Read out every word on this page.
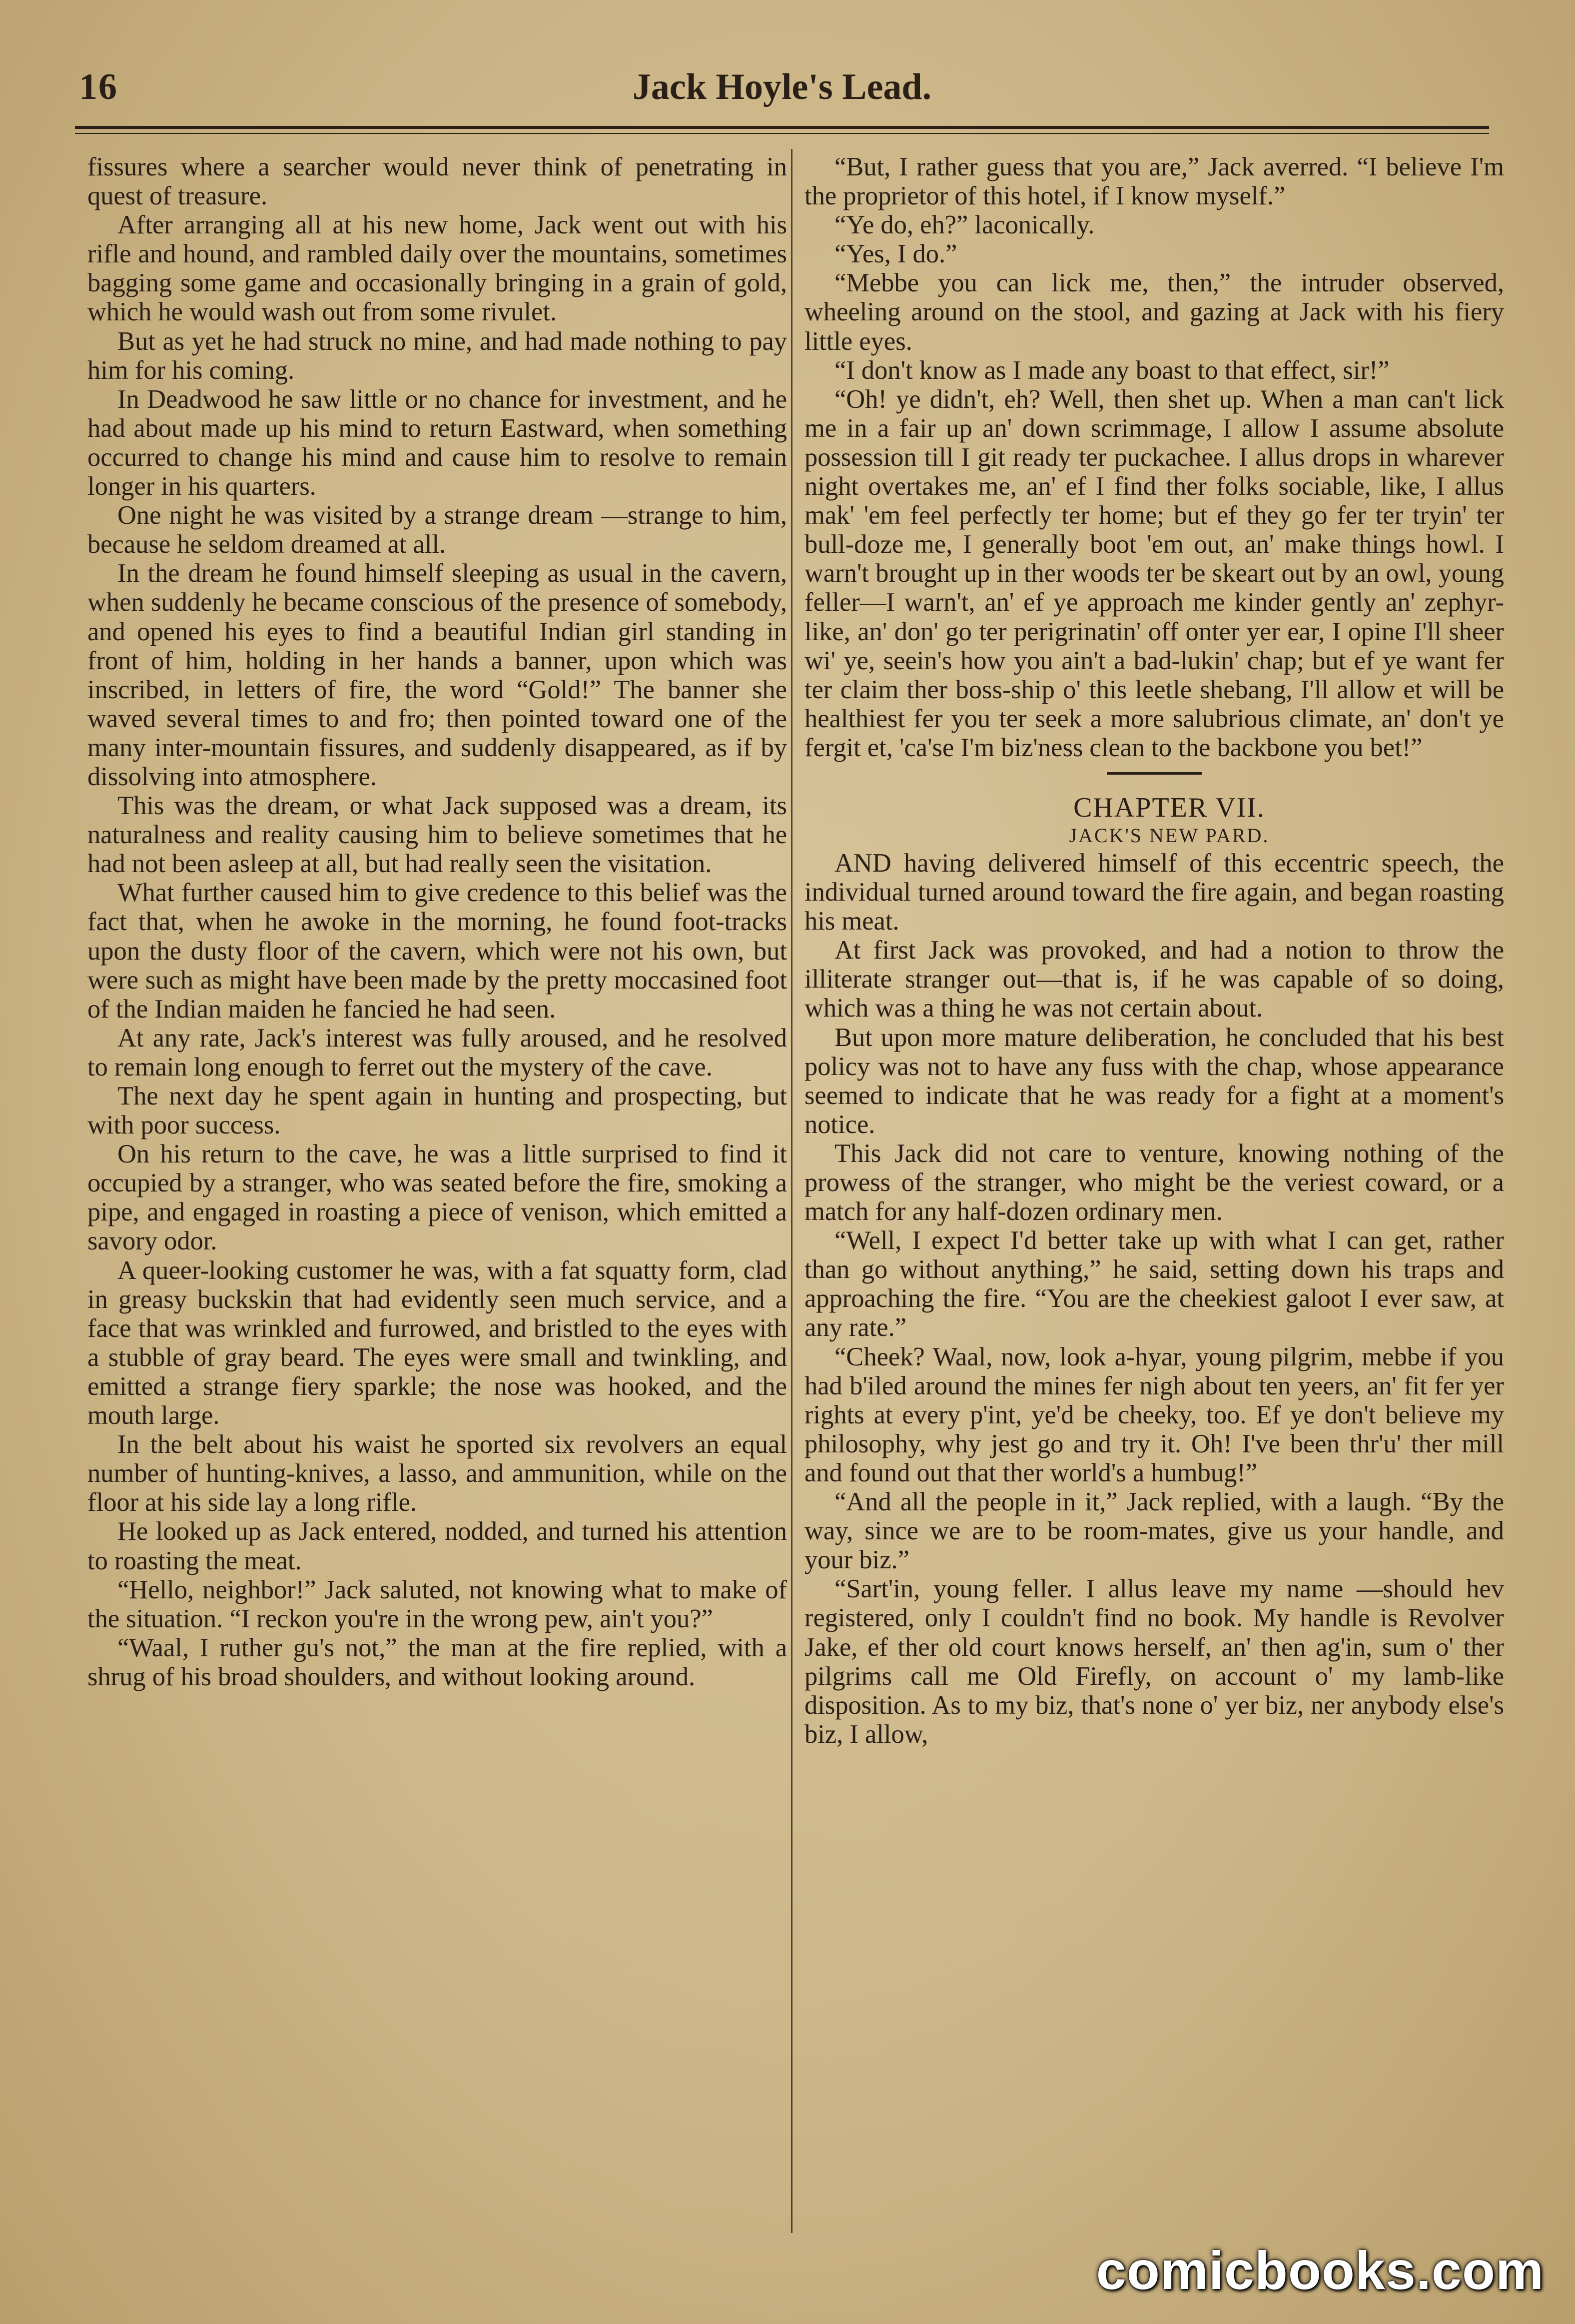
16	Jack Hoyle's Lead.

fissures where a searcher would never think of penetrating in quest of treasure.

After arranging all at his new home, Jack went out with his rifle and hound, and rambled daily over the mountains, sometimes bagging some game and occasionally bringing in a grain of gold, which he would wash out from some rivulet.

But as yet he had struck no mine, and had made nothing to pay him for his coming.

In Deadwood he saw little or no chance for investment, and he had about made up his mind to return Eastward, when something occurred to change his mind and cause him to resolve to remain longer in his quarters.

One night he was visited by a strange dream —strange to him, because he seldom dreamed at all.

In the dream he found himself sleeping as usual in the cavern, when suddenly he became conscious of the presence of somebody, and opened his eyes to find a beautiful Indian girl standing in front of him, holding in her hands a banner, upon which was inscribed, in letters of fire, the word “Gold!” The banner she waved several times to and fro; then pointed toward one of the many inter-mountain fissures, and suddenly disappeared, as if by dissolving into atmosphere.

This was the dream, or what Jack supposed was a dream, its naturalness and reality causing him to believe sometimes that he had not been asleep at all, but had really seen the visitation.

What further caused him to give credence to this belief was the fact that, when he awoke in the morning, he found foot-tracks upon the dusty floor of the cavern, which were not his own, but were such as might have been made by the pretty moccasined foot of the Indian maiden he fancied he had seen.

At any rate, Jack's interest was fully aroused, and he resolved to remain long enough to ferret out the mystery of the cave.

The next day he spent again in hunting and prospecting, but with poor success.

On his return to the cave, he was a little surprised to find it occupied by a stranger, who was seated before the fire, smoking a pipe, and engaged in roasting a piece of venison, which emitted a savory odor.

A queer-looking customer he was, with a fat squatty form, clad in greasy buckskin that had evidently seen much service, and a face that was wrinkled and furrowed, and bristled to the eyes with a stubble of gray beard. The eyes were small and twinkling, and emitted a strange fiery sparkle; the nose was hooked, and the mouth large.

In the belt about his waist he sported six revolvers an equal number of hunting-knives, a lasso, and ammunition, while on the floor at his side lay a long rifle.

He looked up as Jack entered, nodded, and turned his attention to roasting the meat.

“Hello, neighbor!” Jack saluted, not knowing what to make of the situation. “I reckon you're in the wrong pew, ain't you?”

“Waal, I ruther gu's not,” the man at the fire replied, with a shrug of his broad shoulders, and without looking around.

“But, I rather guess that you are,” Jack averred. “I believe I'm the proprietor of this hotel, if I know myself.”

“Ye do, eh?” laconically.

“Yes, I do.”

“Mebbe you can lick me, then,” the intruder observed, wheeling around on the stool, and gazing at Jack with his fiery little eyes.

“I don't know as I made any boast to that effect, sir!”

“Oh! ye didn't, eh? Well, then shet up. When a man can't lick me in a fair up an' down scrimmage, I allow I assume absolute possession till I git ready ter puckachee. I allus drops in wharever night overtakes me, an' ef I find ther folks sociable, like, I allus mak' 'em feel perfectly ter home; but ef they go fer ter tryin' ter bull-doze me, I generally boot 'em out, an' make things howl. I warn't brought up in ther woods ter be skeart out by an owl, young feller—I warn't, an' ef ye approach me kinder gently an' zephyr-like, an' don' go ter perigrinatin' off onter yer ear, I opine I'll sheer wi' ye, seein's how you ain't a bad-lukin' chap; but ef ye want fer ter claim ther boss-ship o' this leetle shebang, I'll allow et will be healthiest fer you ter seek a more salubrious climate, an' don't ye fergit et, 'ca'se I'm biz'ness clean to the backbone you bet!”

CHAPTER VII.

JACK'S NEW PARD.

AND having delivered himself of this eccentric speech, the individual turned around toward the fire again, and began roasting his meat.

At first Jack was provoked, and had a notion to throw the illiterate stranger out—that is, if he was capable of so doing, which was a thing he was not certain about.

But upon more mature deliberation, he concluded that his best policy was not to have any fuss with the chap, whose appearance seemed to indicate that he was ready for a fight at a moment's notice.

This Jack did not care to venture, knowing nothing of the prowess of the stranger, who might be the veriest coward, or a match for any half-dozen ordinary men.

“Well, I expect I'd better take up with what I can get, rather than go without anything,” he said, setting down his traps and approaching the fire. “You are the cheekiest galoot I ever saw, at any rate.”

“Cheek? Waal, now, look a-hyar, young pilgrim, mebbe if you had b'iled around the mines fer nigh about ten yeers, an' fit fer yer rights at every p'int, ye'd be cheeky, too. Ef ye don't believe my philosophy, why jest go and try it. Oh! I've been thr'u' ther mill and found out that ther world's a humbug!”

“And all the people in it,” Jack replied, with a laugh. “By the way, since we are to be room-mates, give us your handle, and your biz.”

“Sart'in, young feller. I allus leave my name —should hev registered, only I couldn't find no book. My handle is Revolver Jake, ef ther old court knows herself, an' then ag'in, sum o' ther pilgrims call me Old Firefly, on account o' my lamb-like disposition. As to my biz, that's none o' yer biz, ner anybody else's biz, I allow,

comicbooks.com
